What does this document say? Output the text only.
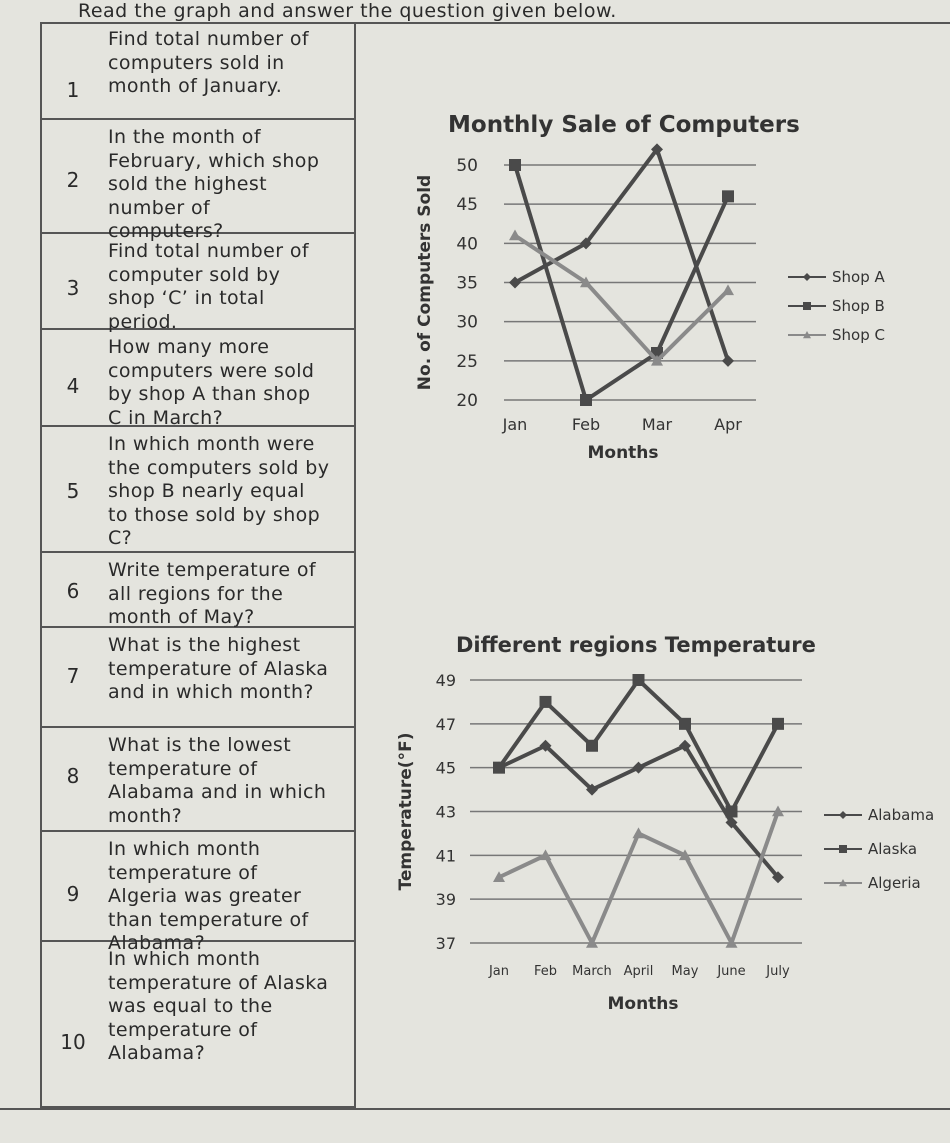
Read the graph and answer the question given below.
1
Find total number of
computers sold in
month of January.
2
In the month of
February, which shop
sold the highest
number of
computers?
3
Find total number of
computer sold by
shop ‘C’ in total
period.
4
How many more
computers were sold
by shop A than shop
C in March?
5
In which month were
the computers sold by
shop B nearly equal
to those sold by shop
C?
6
Write temperature of
all regions for the
month of May?
7
What is the highest
temperature of Alaska
and in which month?
8
What is the lowest
temperature of
Alabama and in which
month?
9
In which month
temperature of
Algeria was greater
than temperature of
Alabama?
10
In which month
temperature of Alaska
was equal to the
temperature of
Alabama?
Monthly Sale of Computers
50
45
40
35
30
25
20
No. of Computers Sold
Jan	Feb	Mar	Apr
Months
Shop A
Shop B
Shop C
Different regions Temperature
49
47
45
43
41
39
37
Temperature(°F)
Jan Feb March April May June July
Months
Alabama
Alaska
Algeria
